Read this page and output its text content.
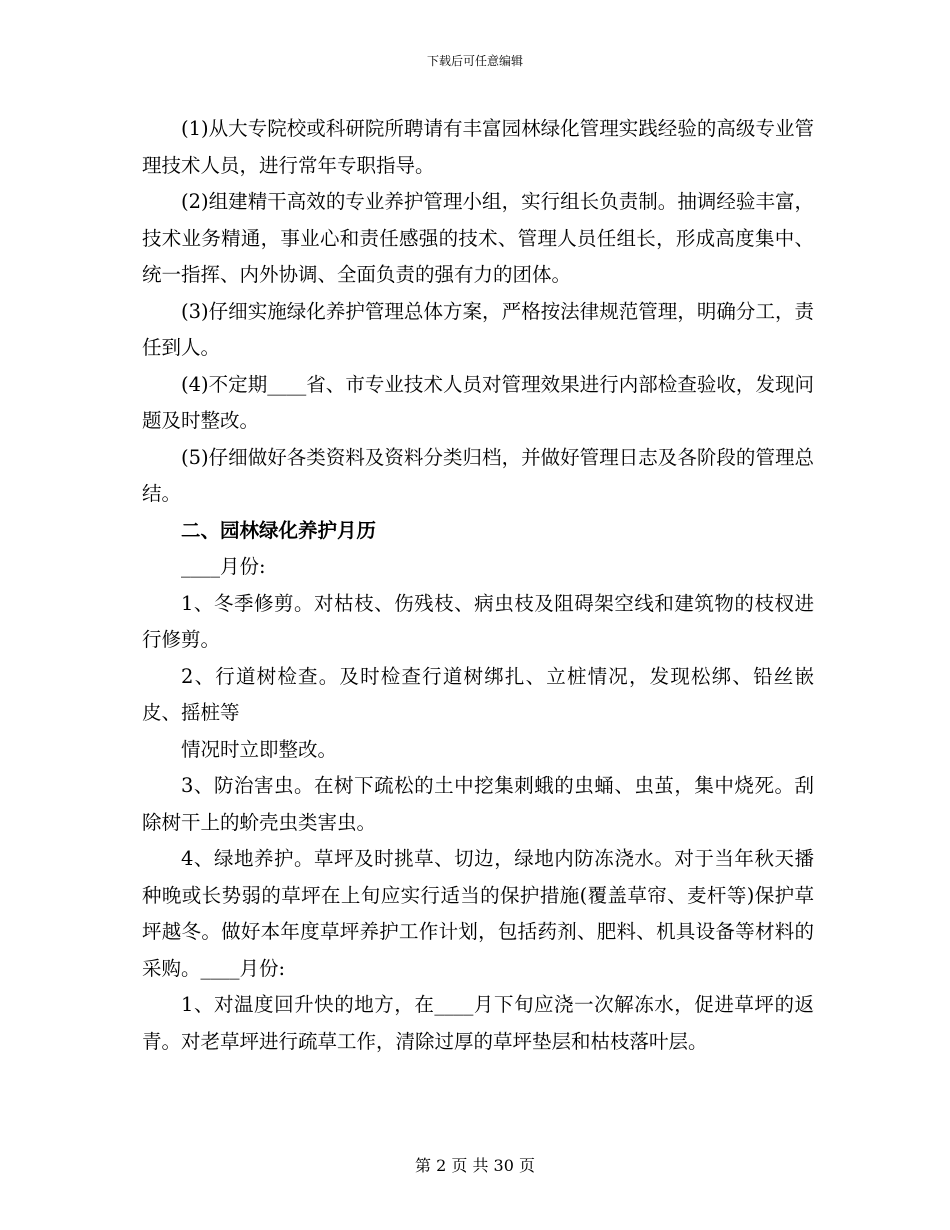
下载后可任意编辑

(1)从大专院校或科研院所聘请有丰富园林绿化管理实践经验的高级专业管理技术人员，进行常年专职指导。

(2)组建精干高效的专业养护管理小组，实行组长负责制。抽调经验丰富，技术业务精通，事业心和责任感强的技术、管理人员任组长，形成高度集中、统一指挥、内外协调、全面负责的强有力的团体。

(3)仔细实施绿化养护管理总体方案，严格按法律规范管理，明确分工，责任到人。

(4)不定期____省、市专业技术人员对管理效果进行内部检查验收，发现问题及时整改。

(5)仔细做好各类资料及资料分类归档，并做好管理日志及各阶段的管理总结。

二、园林绿化养护月历

____月份:

1、冬季修剪。对枯枝、伤残枝、病虫枝及阻碍架空线和建筑物的枝杈进行修剪。

2、行道树检查。及时检查行道树绑扎、立桩情况，发现松绑、铅丝嵌皮、摇桩等

情况时立即整改。

3、防治害虫。在树下疏松的土中挖集刺蛾的虫蛹、虫茧，集中烧死。刮除树干上的蚧壳虫类害虫。

4、绿地养护。草坪及时挑草、切边，绿地内防冻浇水。对于当年秋天播种晚或长势弱的草坪在上旬应实行适当的保护措施(覆盖草帘、麦杆等)保护草坪越冬。做好本年度草坪养护工作计划，包括药剂、肥料、机具设备等材料的采购。____月份:

1、对温度回升快的地方，在____月下旬应浇一次解冻水，促进草坪的返青。对老草坪进行疏草工作，清除过厚的草坪垫层和枯枝落叶层。

第 2 页 共 30 页
